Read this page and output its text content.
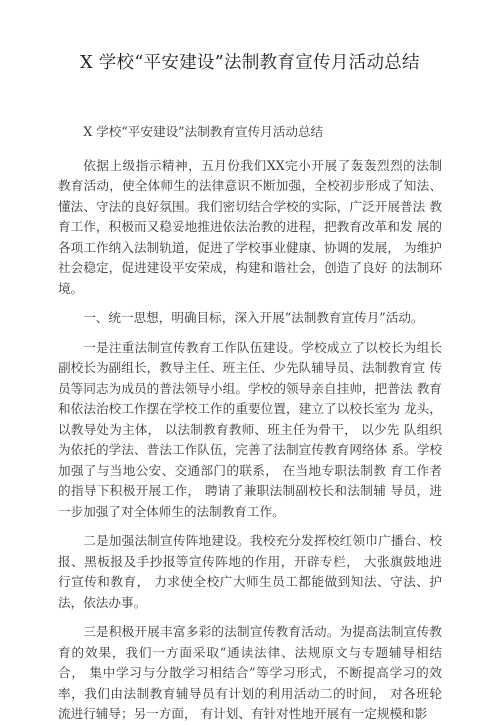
X 学校“平安建设”法制教育宣传月活动总结

X 学校“平安建设”法制教育宣传月活动总结

依据上级指示精神，五月份我们XX完小开展了轰轰烈烈的法制 教育活动，使全体师生的法律意识不断加强，全校初步形成了知法、 懂法、守法的良好氛围。我们密切结合学校的实际，广泛开展普法 教育工作，积极而又稳妥地推进依法治教的进程，把教育改革和发 展的各项工作纳入法制轨道，促进了学校事业健康、协调的发展， 为维护社会稳定，促进建设平安荣成，构建和谐社会，创造了良好 的法制环境。

一、统一思想，明确目标，深入开展“法制教育宣传月”活动。

一是注重法制宣传教育工作队伍建设。学校成立了以校长为组长 副校长为副组长，教导主任、班主任、少先队辅导员、法制教育宣 传员等同志为成员的普法领导小组。学校的领导亲自挂帅，把普法 教育和依法治校工作摆在学校工作的重要位置，建立了以校长室为 龙头，以教导处为主体， 以法制教育教师、班主任为骨干， 以少先 队组织为依托的学法、普法工作队伍，完善了法制宣传教育网络体 系。学校加强了与当地公安、交通部门的联系， 在当地专职法制教 育工作者的指导下积极开展工作， 聘请了兼职法制副校长和法制辅 导员，进一步加强了对全体师生的法制教育工作。

二是加强法制宣传阵地建设。我校充分发挥校红领巾广播台、校 报、黑板报及手抄报等宣传阵地的作用，开辟专栏， 大张旗鼓地进 行宣传和教育， 力求使全校广大师生员工都能做到知法、守法、护 法，依法办事。

三是积极开展丰富多彩的法制宣传教育活动。为提高法制宣传教 育的效果，我们一方面采取“通读法律、法规原文与专题辅导相结 合， 集中学习与分散学习相结合”等学习形式，不断提高学习的效 率，我们由法制教育辅导员有计划的利用活动二的时间， 对各班轮 流进行辅导；另一方面， 有计划、有针对性地开展有一定规模和影
